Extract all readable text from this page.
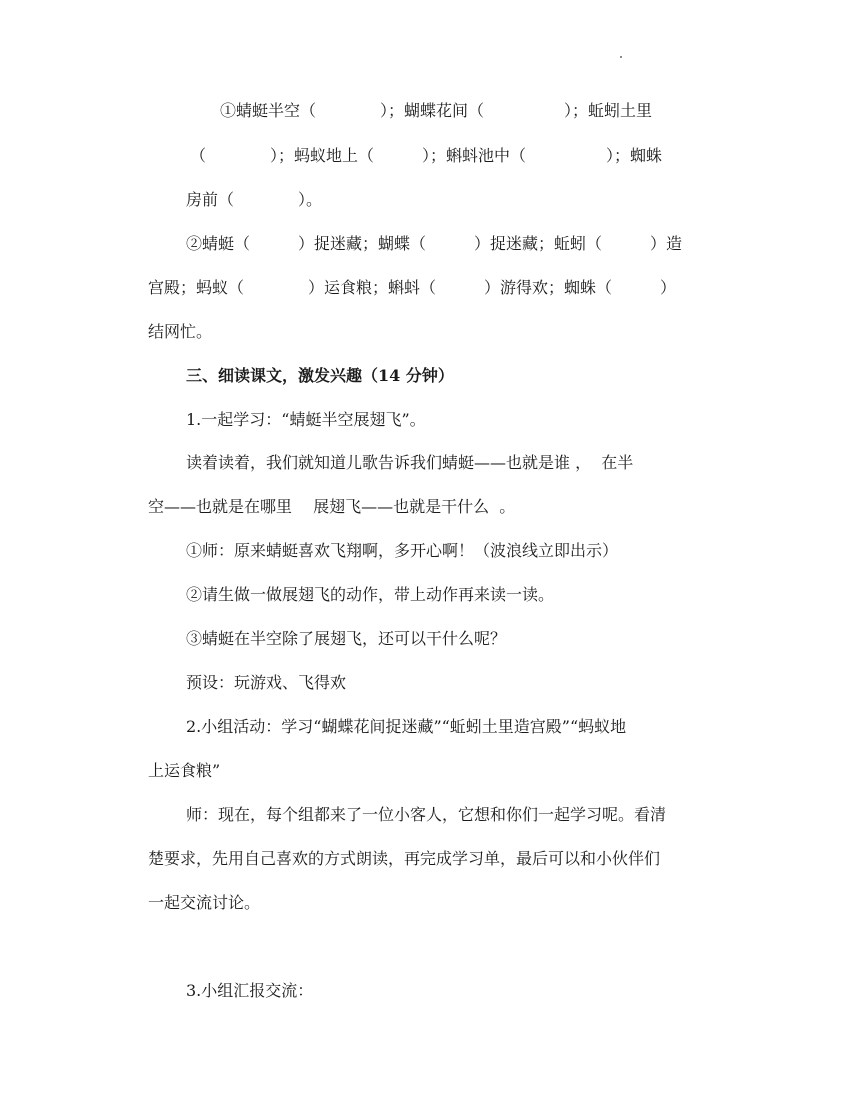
①蜻蜓半空（　　　　）；蝴蝶花间（　　　　　）；蚯蚓土里

（　　　　）；蚂蚁地上（　　　）；蝌蚪池中（　　　　　）；蜘蛛

房前（　　　　）。

②蜻蜓（　　　）捉迷藏；蝴蝶（　　　）捉迷藏；蚯蚓（　　　）造

宫殿；蚂蚁（　　　　）运食粮；蝌蚪（　　　）游得欢；蜘蛛（　　　）

结网忙。

三、细读课文，激发兴趣（14 分钟）

1.一起学习：“蜻蜓半空展翅飞”。

读着读着，我们就知道儿歌告诉我们蜻蜓——也就是谁 ，  在半

空——也就是在哪里　 展翅飞——也就是干什么  。

①师：原来蜻蜓喜欢飞翔啊，多开心啊！（波浪线立即出示）

②请生做一做展翅飞的动作，带上动作再来读一读。

③蜻蜓在半空除了展翅飞，还可以干什么呢？

预设：玩游戏、飞得欢

2.小组活动：学习“蝴蝶花间捉迷藏”“蚯蚓土里造宫殿”“蚂蚁地

上运食粮”

师：现在，每个组都来了一位小客人，它想和你们一起学习呢。看清

楚要求，先用自己喜欢的方式朗读，再完成学习单，最后可以和小伙伴们

一起交流讨论。

3.小组汇报交流：
